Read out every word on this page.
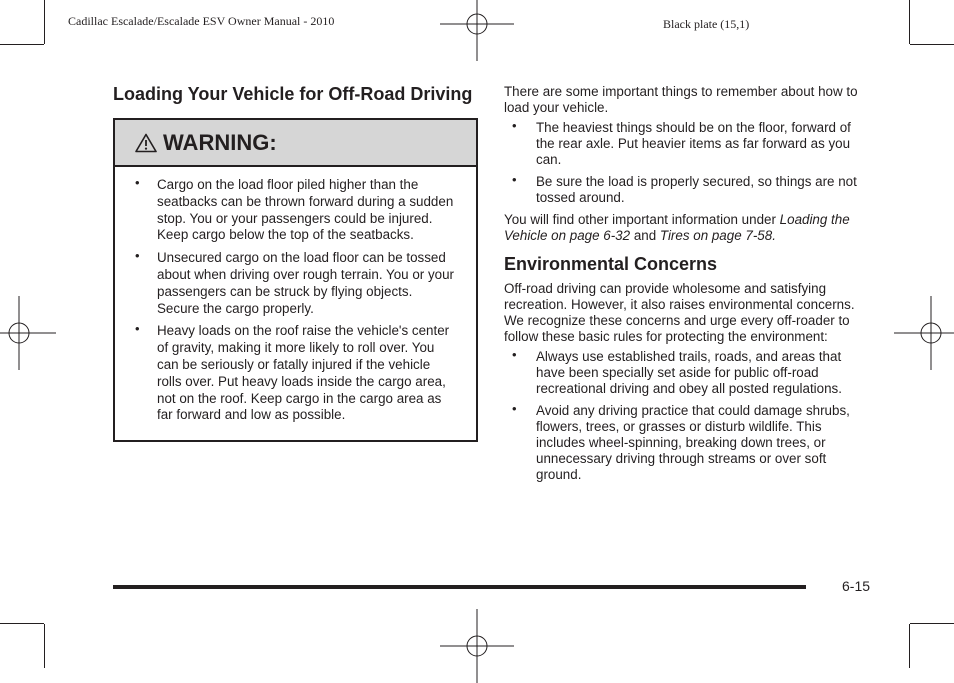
Cadillac Escalade/Escalade ESV Owner Manual - 2010	Black plate (15,1)
Loading Your Vehicle for Off-Road Driving
WARNING:
• Cargo on the load floor piled higher than the seatbacks can be thrown forward during a sudden stop. You or your passengers could be injured. Keep cargo below the top of the seatbacks.
• Unsecured cargo on the load floor can be tossed about when driving over rough terrain. You or your passengers can be struck by flying objects. Secure the cargo properly.
• Heavy loads on the roof raise the vehicle's center of gravity, making it more likely to roll over. You can be seriously or fatally injured if the vehicle rolls over. Put heavy loads inside the cargo area, not on the roof. Keep cargo in the cargo area as far forward and low as possible.

There are some important things to remember about how to load your vehicle.

• The heaviest things should be on the floor, forward of the rear axle. Put heavier items as far forward as you can.
• Be sure the load is properly secured, so things are not tossed around.

You will find other important information under Loading the Vehicle on page 6-32 and Tires on page 7-58.

Environmental Concerns

Off-road driving can provide wholesome and satisfying recreation. However, it also raises environmental concerns. We recognize these concerns and urge every off-roader to follow these basic rules for protecting the environment:

• Always use established trails, roads, and areas that have been specially set aside for public off-road recreational driving and obey all posted regulations.
• Avoid any driving practice that could damage shrubs, flowers, trees, or grasses or disturb wildlife. This includes wheel-spinning, breaking down trees, or unnecessary driving through streams or over soft ground.
6-15
